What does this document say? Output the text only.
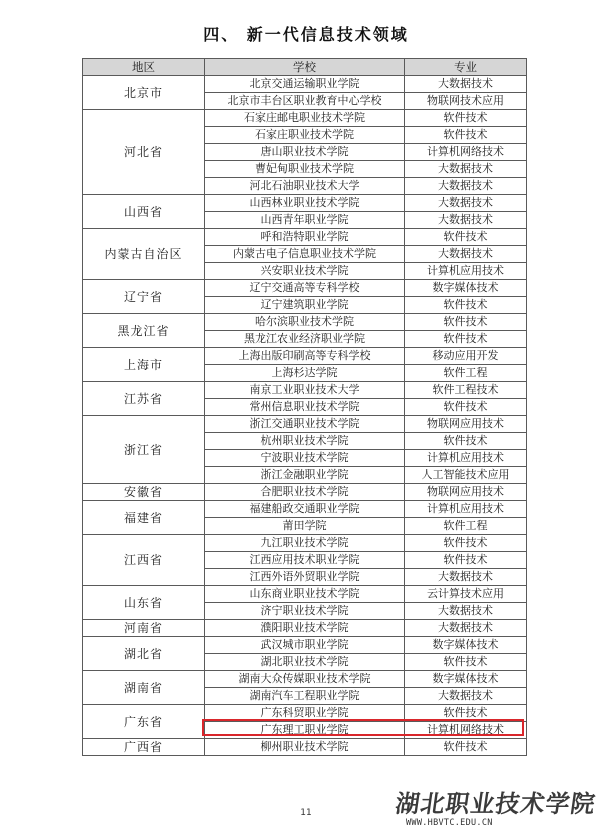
四、 新一代信息技术领域
地区	学校	专业
北京市	北京交通运输职业学院	大数据技术
	北京市丰台区职业教育中心学校	物联网技术应用
河北省	石家庄邮电职业技术学院	软件技术
	石家庄职业技术学院	软件技术
	唐山职业技术学院	计算机网络技术
	曹妃甸职业技术学院	大数据技术
	河北石油职业技术大学	大数据技术
山西省	山西林业职业技术学院	大数据技术
	山西青年职业学院	大数据技术
内蒙古自治区	呼和浩特职业学院	软件技术
	内蒙古电子信息职业技术学院	大数据技术
	兴安职业技术学院	计算机应用技术
辽宁省	辽宁交通高等专科学校	数字媒体技术
	辽宁建筑职业学院	软件技术
黑龙江省	哈尔滨职业技术学院	软件技术
	黑龙江农业经济职业学院	软件技术
上海市	上海出版印刷高等专科学校	移动应用开发
	上海杉达学院	软件工程
江苏省	南京工业职业技术大学	软件工程技术
	常州信息职业技术学院	软件技术
浙江省	浙江交通职业技术学院	物联网应用技术
	杭州职业技术学院	软件技术
	宁波职业技术学院	计算机应用技术
	浙江金融职业学院	人工智能技术应用
安徽省	合肥职业技术学院	物联网应用技术
福建省	福建船政交通职业学院	计算机应用技术
	莆田学院	软件工程
江西省	九江职业技术学院	软件技术
	江西应用技术职业学院	软件技术
	江西外语外贸职业学院	大数据技术
山东省	山东商业职业技术学院	云计算技术应用
	济宁职业技术学院	大数据技术
河南省	濮阳职业技术学院	大数据技术
湖北省	武汉城市职业学院	数字媒体技术
	湖北职业技术学院	软件技术
湖南省	湖南大众传媒职业技术学院	数字媒体技术
	湖南汽车工程职业学院	大数据技术
广东省	广东科贸职业学院	软件技术
	广东理工职业学院	计算机网络技术
广西省	柳州职业技术学院	软件技术
11	湖北职业技术学院
WWW.HBVTC.EDU.CN
